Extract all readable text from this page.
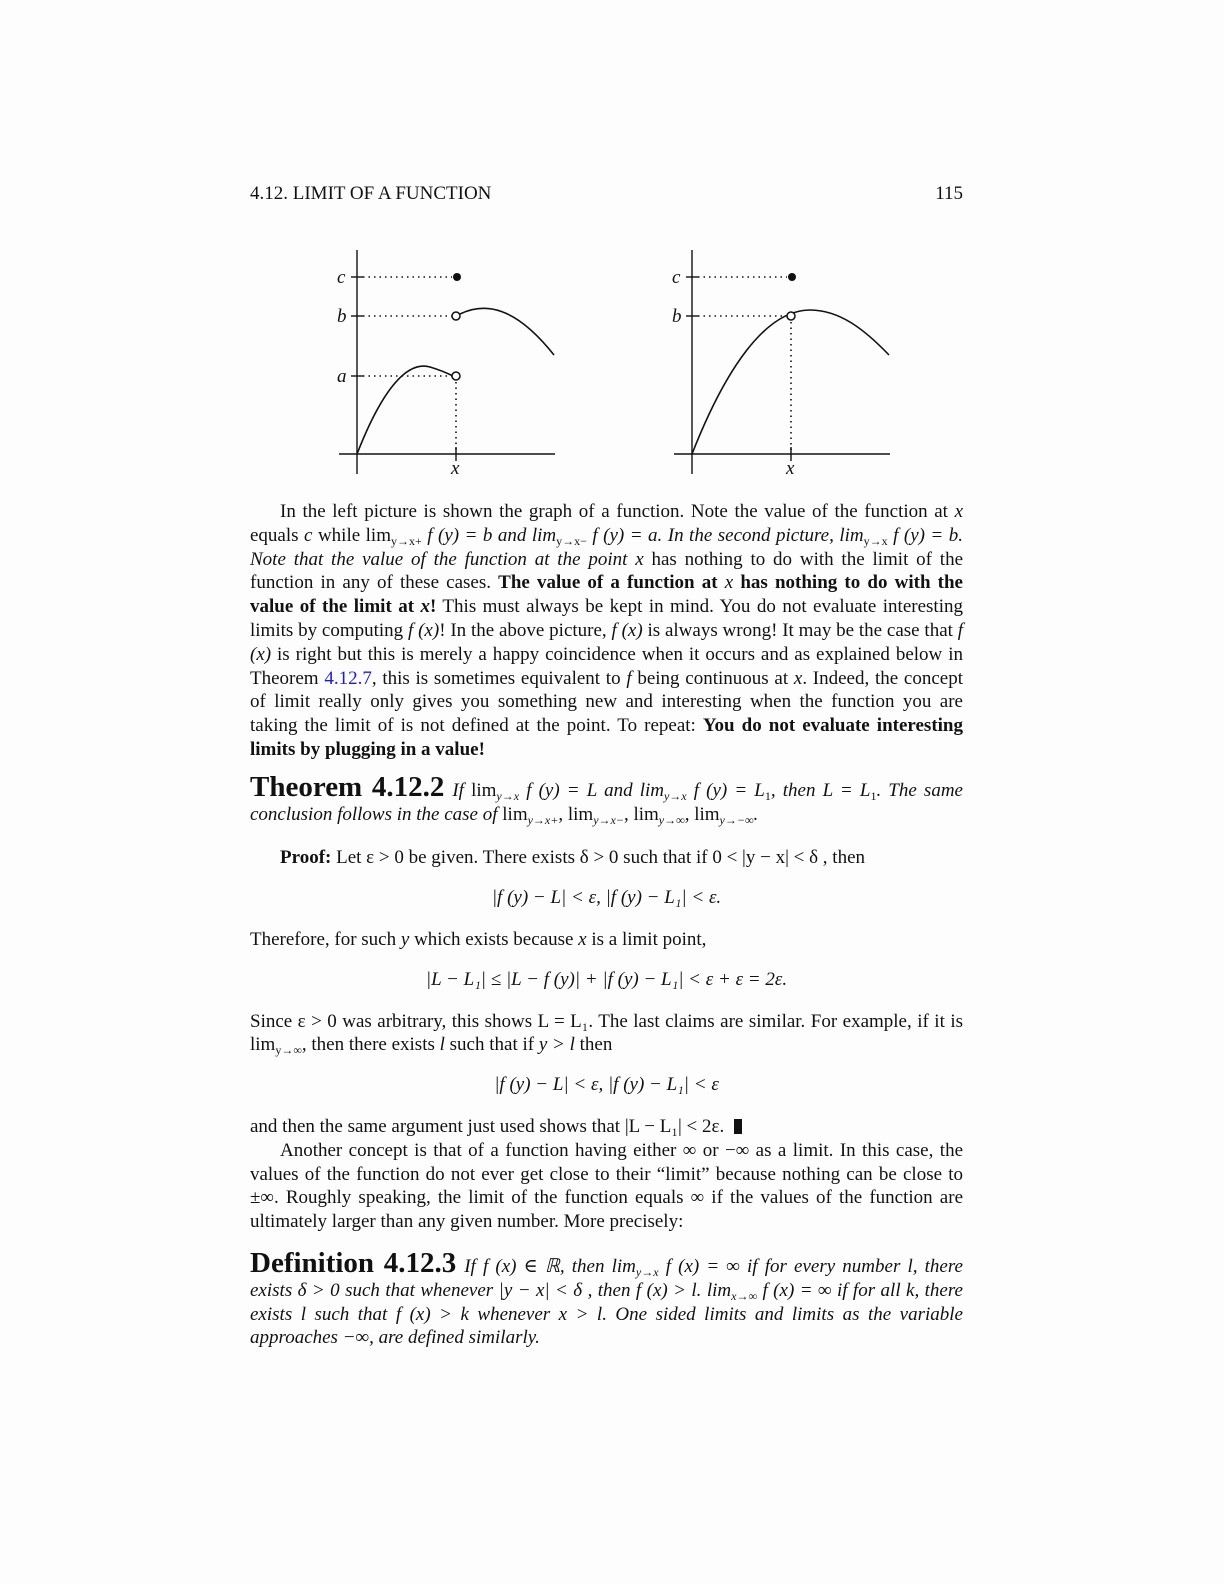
4.12. LIMIT OF A FUNCTION	115
c
b
a
x
c
b
x

In the left picture is shown the graph of a function. Note the value of the function at x equals c while $\lim_{y\to x+} f$ (y) = b and $\lim_{y\to x-} f$ (y) = a. In the second picture, $\lim_{y\to x} f$ (y) = b. Note that the value of the function at the point x has nothing to do with the limit of the function in any of these cases. The value of a function at x has nothing to do with the value of the limit at x! This must always be kept in mind. You do not evaluate interesting limits by computing f (x)! In the above picture, f (x) is always wrong! It may be the case that f (x) is right but this is merely a happy coincidence when it occurs and as explained below in Theorem 4.12.7, this is sometimes equivalent to f being continuous at x. Indeed, the concept of limit really only gives you something new and interesting when the function you are taking the limit of is not defined at the point. To repeat: You do not evaluate interesting limits by plugging in a value!

Theorem 4.12.2 If $\lim_{y\to x} f$ (y) = L and $\lim_{y\to x} f$ $(y) = L_1$, then $L = L_1$. The same conclusion follows in the case of $\lim_{y\to x+}$, $\lim_{y\to x-}$, $\lim_{y\to\infty}$, $\lim_{y\to-\infty}$.

Proof: Let ε > 0 be given. There exists δ > 0 such that if 0 < |y − x| < δ , then

|f (y) − L| < ε, |f (y) − L₁| < ε.

Therefore, for such y which exists because x is a limit point,

|L − L₁| ≤ |L − f (y)| + |f (y) − L₁| < ε + ε = 2ε.

Since ε > 0 was arbitrary, this shows L = L₁. The last claims are similar. For example, if it is $\lim_{y\to\infty}$, then there exists l such that if y > l then

|f (y) − L| < ε, |f (y) − L₁| < ε

and then the same argument just used shows that |L − L₁| < 2ε.

Another concept is that of a function having either ∞ or −∞ as a limit. In this case, the values of the function do not ever get close to their “limit” because nothing can be close to ±∞. Roughly speaking, the limit of the function equals ∞ if the values of the function are ultimately larger than any given number. More precisely:

Definition 4.12.3 If f (x) ∈ ℝ, then $\lim_{y\to x} f$ (x) = ∞ if for every number l, there exists δ > 0 such that whenever |y − x| < δ , then f (x) > l. $\lim_{x\to\infty} f$ (x) = ∞ if for all k, there exists l such that f (x) > k whenever x > l. One sided limits and limits as the variable approaches −∞, are defined similarly.
